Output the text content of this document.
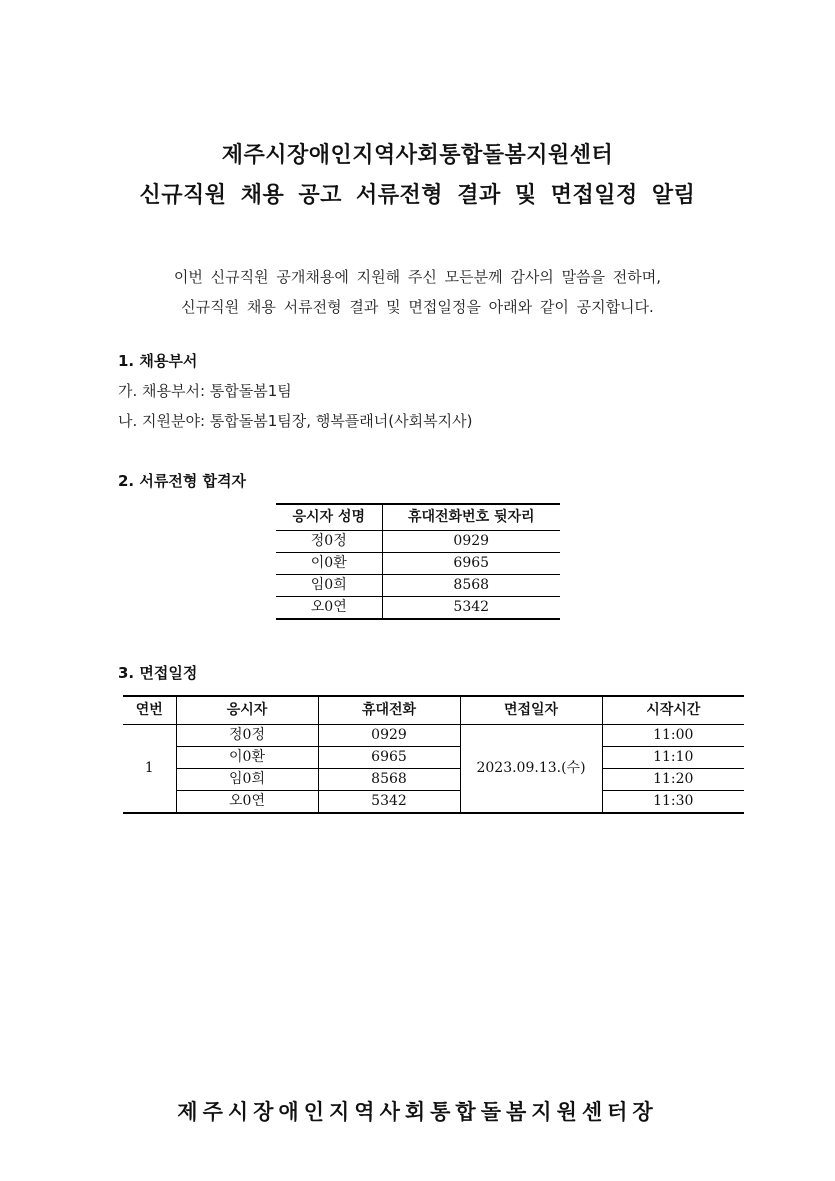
제주시장애인지역사회통합돌봄지원센터
신규직원 채용 공고 서류전형 결과 및 면접일정 알림
이번 신규직원 공개채용에 지원해 주신 모든분께 감사의 말씀을 전하며,
신규직원 채용 서류전형 결과 및 면접일정을 아래와 같이 공지합니다.
1. 채용부서
가. 채용부서: 통합돌봄1팀
나. 지원분야: 통합돌봄1팀장, 행복플래너(사회복지사)
2. 서류전형 합격자
응시자 성명	휴대전화번호 뒷자리
정0정	0929
이0환	6965
임0희	8568
오0연	5342
3. 면접일정
연번	응시자	휴대전화	면접일자	시작시간
1	정0정	0929	2023.09.13.(수)	11:00
	이0환	6965		11:10
	임0희	8568		11:20
	오0연	5342		11:30
제주시장애인지역사회통합돌봄지원센터장
